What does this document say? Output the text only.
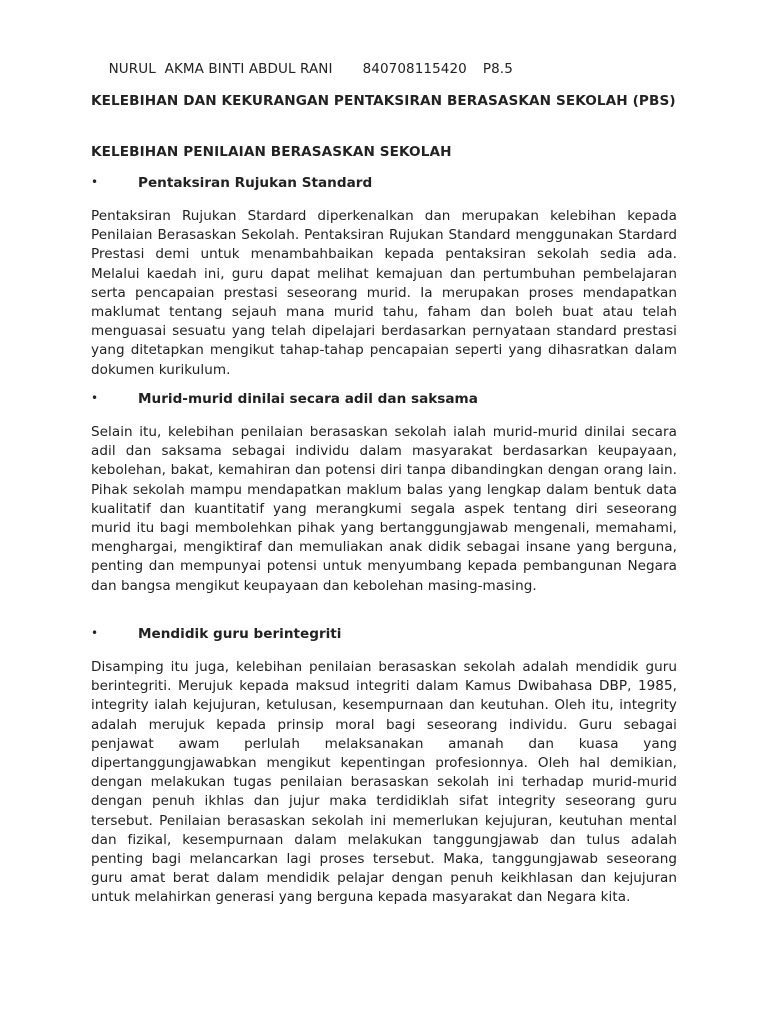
NURUL  AKMA BINTI ABDUL RANI 840708115420 P8.5

KELEBIHAN DAN KEKURANGAN PENTAKSIRAN BERASASKAN SEKOLAH (PBS)
KELEBIHAN PENILAIAN BERASASKAN SEKOLAH
•	Pentaksiran Rujukan Standard
Pentaksiran Rujukan Stardard diperkenalkan dan merupakan kelebihan kepada Penilaian Berasaskan Sekolah. Pentaksiran Rujukan Standard menggunakan Stardard Prestasi demi untuk menambahbaikan kepada pentaksiran sekolah sedia ada. Melalui kaedah ini, guru dapat melihat kemajuan dan pertumbuhan pembelajaran serta pencapaian prestasi seseorang murid. Ia merupakan proses mendapatkan maklumat tentang sejauh mana murid tahu, faham dan boleh buat atau telah menguasai sesuatu yang telah dipelajari berdasarkan pernyataan standard prestasi yang ditetapkan mengikut tahap-tahap pencapaian seperti yang dihasratkan dalam dokumen kurikulum.
•	Murid-murid dinilai secara adil dan saksama
Selain itu, kelebihan penilaian berasaskan sekolah ialah murid-murid dinilai secara adil dan saksama sebagai individu dalam masyarakat berdasarkan keupayaan, kebolehan, bakat, kemahiran dan potensi diri tanpa dibandingkan dengan orang lain. Pihak sekolah mampu mendapatkan maklum balas yang lengkap dalam bentuk data kualitatif dan kuantitatif yang merangkumi segala aspek tentang diri seseorang murid itu bagi membolehkan pihak yang bertanggungjawab mengenali, memahami, menghargai, mengiktiraf dan memuliakan anak didik sebagai insane yang berguna, penting dan mempunyai potensi untuk menyumbang kepada pembangunan Negara dan bangsa mengikut keupayaan dan kebolehan masing-masing.
•	Mendidik guru berintegriti
Disamping itu juga, kelebihan penilaian berasaskan sekolah adalah mendidik guru berintegriti. Merujuk kepada maksud integriti dalam Kamus Dwibahasa DBP, 1985, integrity ialah kejujuran, ketulusan, kesempurnaan dan keutuhan. Oleh itu, integrity adalah merujuk kepada prinsip moral bagi seseorang individu. Guru sebagai penjawat awam perlulah melaksanakan amanah dan kuasa yang dipertanggungjawabkan mengikut kepentingan profesionnya. Oleh hal demikian, dengan melakukan tugas penilaian berasaskan sekolah ini terhadap murid-murid dengan penuh ikhlas dan jujur maka terdidiklah sifat integrity seseorang guru tersebut. Penilaian berasaskan sekolah ini memerlukan kejujuran, keutuhan mental dan fizikal, kesempurnaan dalam melakukan tanggungjawab dan tulus adalah penting bagi melancarkan lagi proses tersebut. Maka, tanggungjawab seseorang guru amat berat dalam mendidik pelajar dengan penuh keikhlasan dan kejujuran untuk melahirkan generasi yang berguna kepada masyarakat dan Negara kita.
